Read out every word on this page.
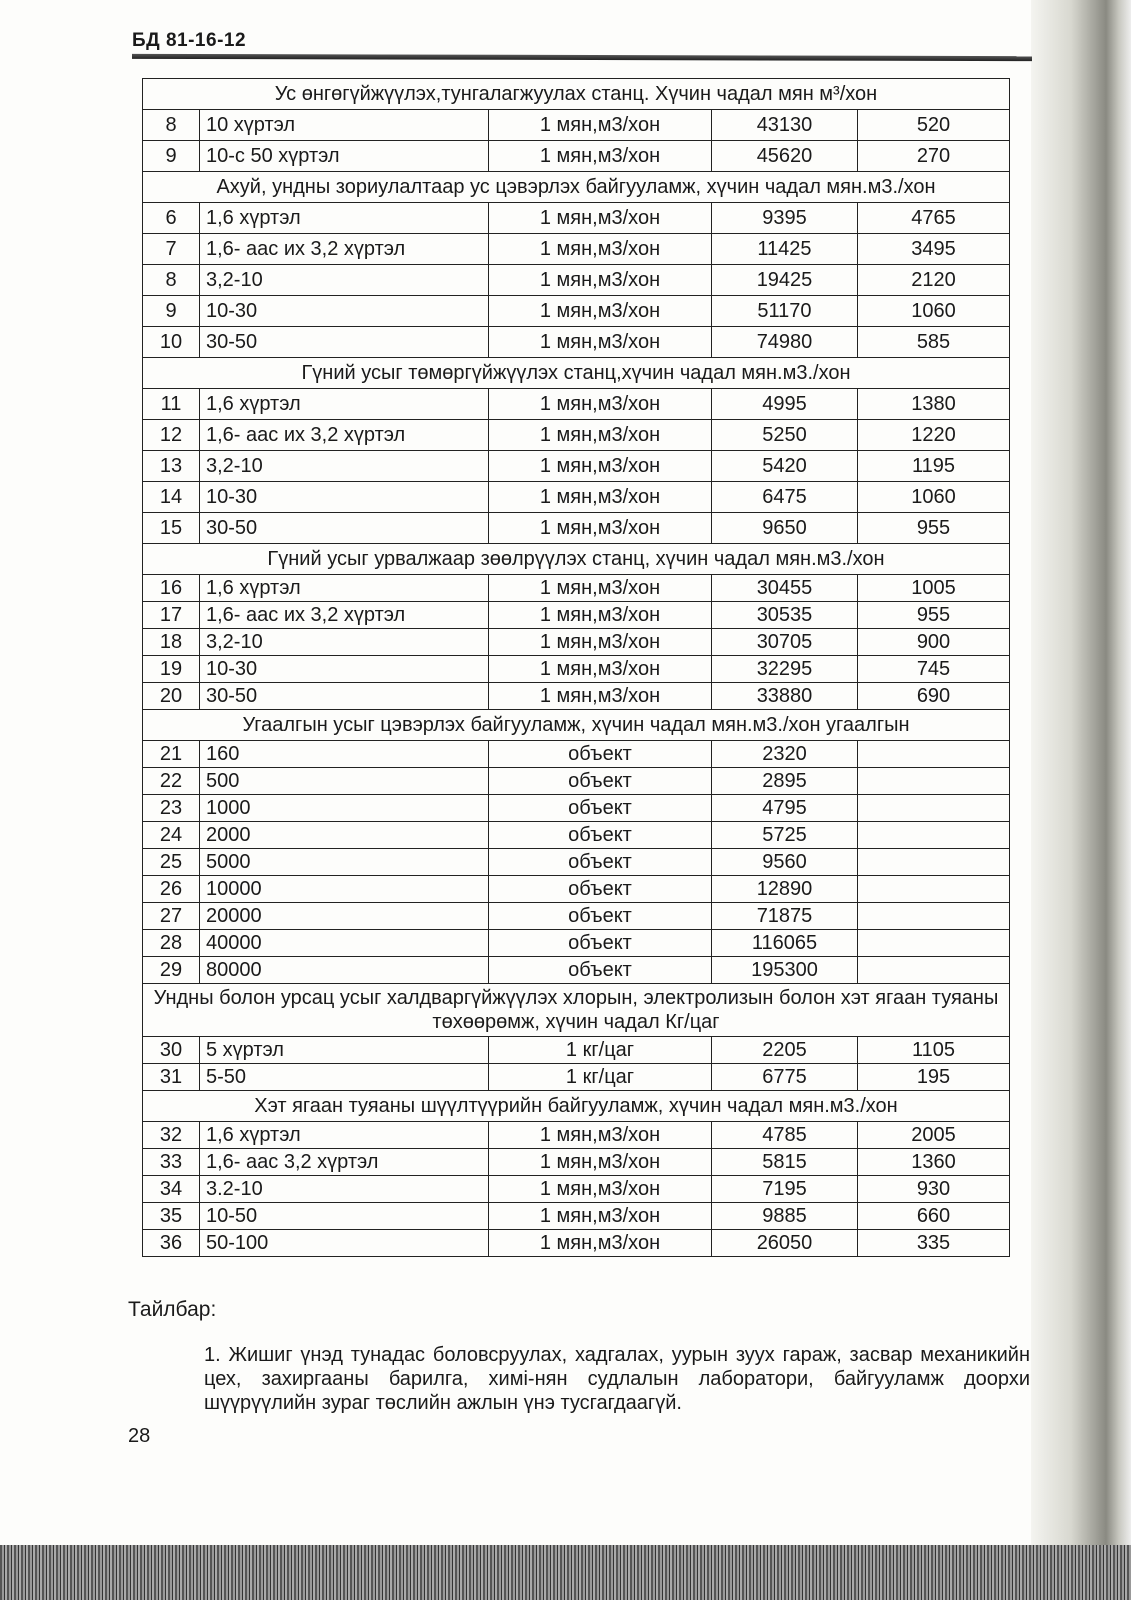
БД 81-16-12
Ус өнгөгүйжүүлэх,тунгалагжуулах станц. Хүчин чадал мян м³/хон				
8	10 хүртэл	1 мян,м3/хон	43130	520
9	10-с 50 хүртэл	1 мян,м3/хон	45620	270
Ахуй, ундны зориулалтаар ус цэвэрлэх байгууламж, хүчин чадал мян.м3./хон				
6	1,6 хүртэл	1 мян,м3/хон	9395	4765
7	1,6- аас их 3,2 хүртэл	1 мян,м3/хон	11425	3495
8	3,2-10	1 мян,м3/хон	19425	2120
9	10-30	1 мян,м3/хон	51170	1060
10	30-50	1 мян,м3/хон	74980	585
Гүний усыг төмөргүйжүүлэх станц,хүчин чадал мян.м3./хон				
11	1,6 хүртэл	1 мян,м3/хон	4995	1380
12	1,6- аас их 3,2 хүртэл	1 мян,м3/хон	5250	1220
13	3,2-10	1 мян,м3/хон	5420	1195
14	10-30	1 мян,м3/хон	6475	1060
15	30-50	1 мян,м3/хон	9650	955
Гүний усыг урвалжаар зөөлрүүлэх станц, хүчин чадал мян.м3./хон				
16	1,6 хүртэл	1 мян,м3/хон	30455	1005
17	1,6- аас их 3,2 хүртэл	1 мян,м3/хон	30535	955
18	3,2-10	1 мян,м3/хон	30705	900
19	10-30	1 мян,м3/хон	32295	745
20	30-50	1 мян,м3/хон	33880	690
Угаалгын усыг цэвэрлэх байгууламж, хүчин чадал мян.м3./хон угаалгын				
21	160	объект	2320	
22	500	объект	2895	
23	1000	объект	4795	
24	2000	объект	5725	
25	5000	объект	9560	
26	10000	объект	12890	
27	20000	объект	71875	
28	40000	объект	116065	
29	80000	объект	195300	
Ундны болон урсац усыг халдваргүйжүүлэх хлорын, электролизын болон хэт ягаан туяаны төхөөрөмж, хүчин чадал Кг/цаг				
30	5 хүртэл	1 кг/цаг	2205	1105
31	5-50	1 кг/цаг	6775	195
Хэт ягаан туяаны шүүлтүүрийн байгууламж, хүчин чадал мян.м3./хон				
32	1,6 хүртэл	1 мян,м3/хон	4785	2005
33	1,6- аас 3,2 хүртэл	1 мян,м3/хон	5815	1360
34	3.2-10	1 мян,м3/хон	7195	930
35	10-50	1 мян,м3/хон	9885	660
36	50-100	1 мян,м3/хон	26050	335
Тайлбар:
1. Жишиг үнэд тунадас боловсруулах, хадгалах, уурын зуух гараж, засвар механикийн цех, захиргааны барилга, химі-нян судлалын лаборатори, байгууламж доорхи шүүрүүлийн зураг төслийн ажлын үнэ тусгагдаагүй.
28
